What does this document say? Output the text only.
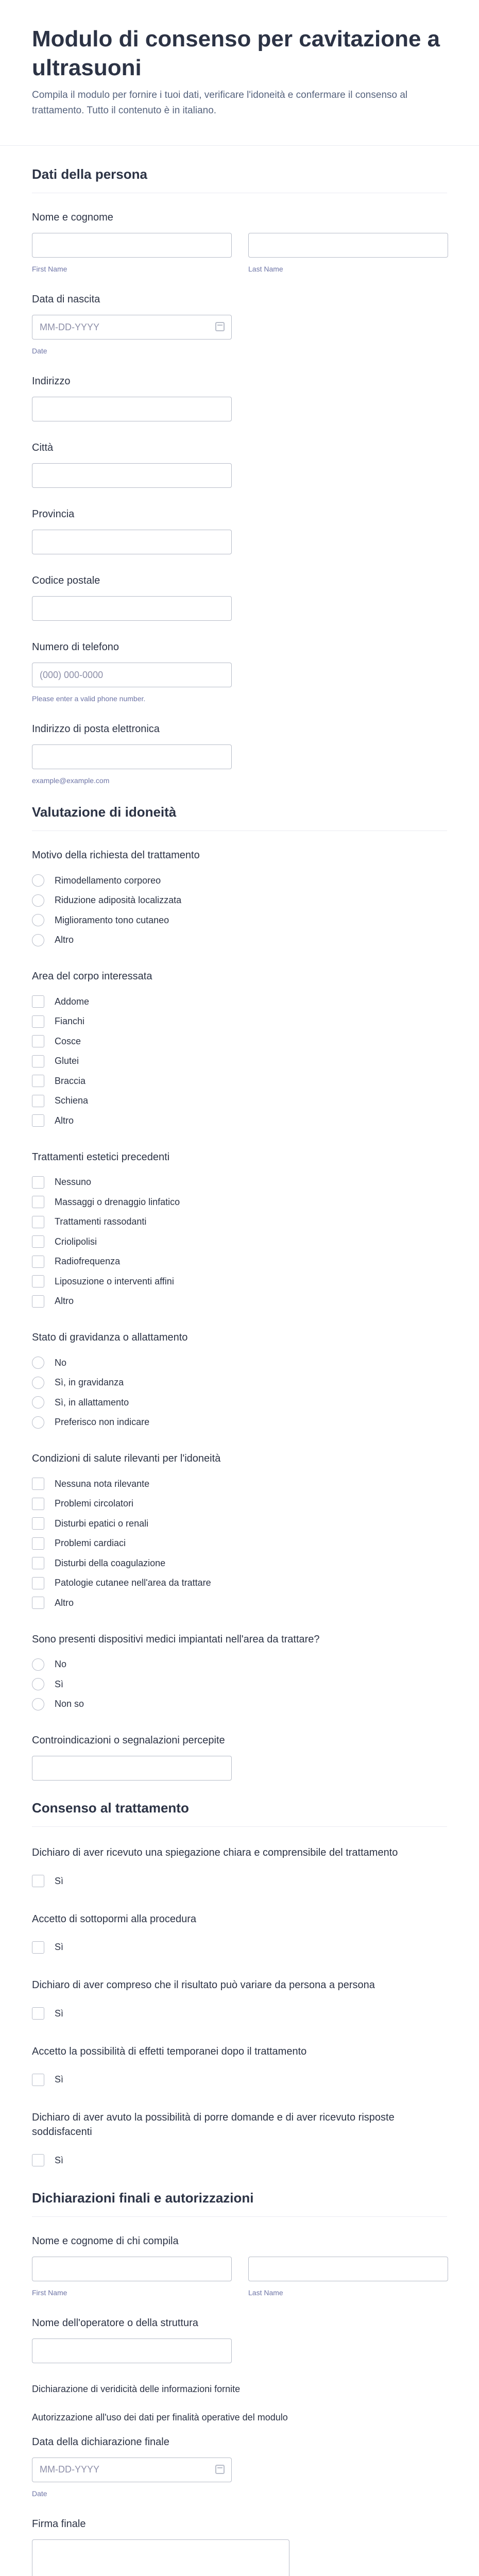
Modulo di consenso per cavitazione a ultrasuoni
Compila il modulo per fornire i tuoi dati, verificare l'idoneità e confermare il consenso al trattamento. Tutto il contenuto è in italiano.
Dati della persona
Nome e cognome
First Name	Last Name
Data di nascita
MM-DD-YYYY
Date
Indirizzo
Città
Provincia
Codice postale
Numero di telefono
(000) 000-0000
Please enter a valid phone number.
Indirizzo di posta elettronica
example@example.com
Valutazione di idoneità
Motivo della richiesta del trattamento
Rimodellamento corporeo
Riduzione adiposità localizzata
Miglioramento tono cutaneo
Altro
Area del corpo interessata
Addome
Fianchi
Cosce
Glutei
Braccia
Schiena
Altro
Trattamenti estetici precedenti
Nessuno
Massaggi o drenaggio linfatico
Trattamenti rassodanti
Criolipolisi
Radiofrequenza
Liposuzione o interventi affini
Altro
Stato di gravidanza o allattamento
No
Sì, in gravidanza
Sì, in allattamento
Preferisco non indicare
Condizioni di salute rilevanti per l'idoneità
Nessuna nota rilevante
Problemi circolatori
Disturbi epatici o renali
Problemi cardiaci
Disturbi della coagulazione
Patologie cutanee nell'area da trattare
Altro
Sono presenti dispositivi medici impiantati nell'area da trattare?
No
Sì
Non so
Controindicazioni o segnalazioni percepite
Consenso al trattamento
Dichiaro di aver ricevuto una spiegazione chiara e comprensibile del trattamento
Sì
Accetto di sottopormi alla procedura
Sì
Dichiaro di aver compreso che il risultato può variare da persona a persona
Sì
Accetto la possibilità di effetti temporanei dopo il trattamento
Sì
Dichiaro di aver avuto la possibilità di porre domande e di aver ricevuto risposte soddisfacenti
Sì
Dichiarazioni finali e autorizzazioni
Nome e cognome di chi compila
First Name	Last Name
Nome dell'operatore o della struttura
Dichiarazione di veridicità delle informazioni fornite
Autorizzazione all'uso dei dati per finalità operative del modulo
Data della dichiarazione finale
MM-DD-YYYY
Date
Firma finale
